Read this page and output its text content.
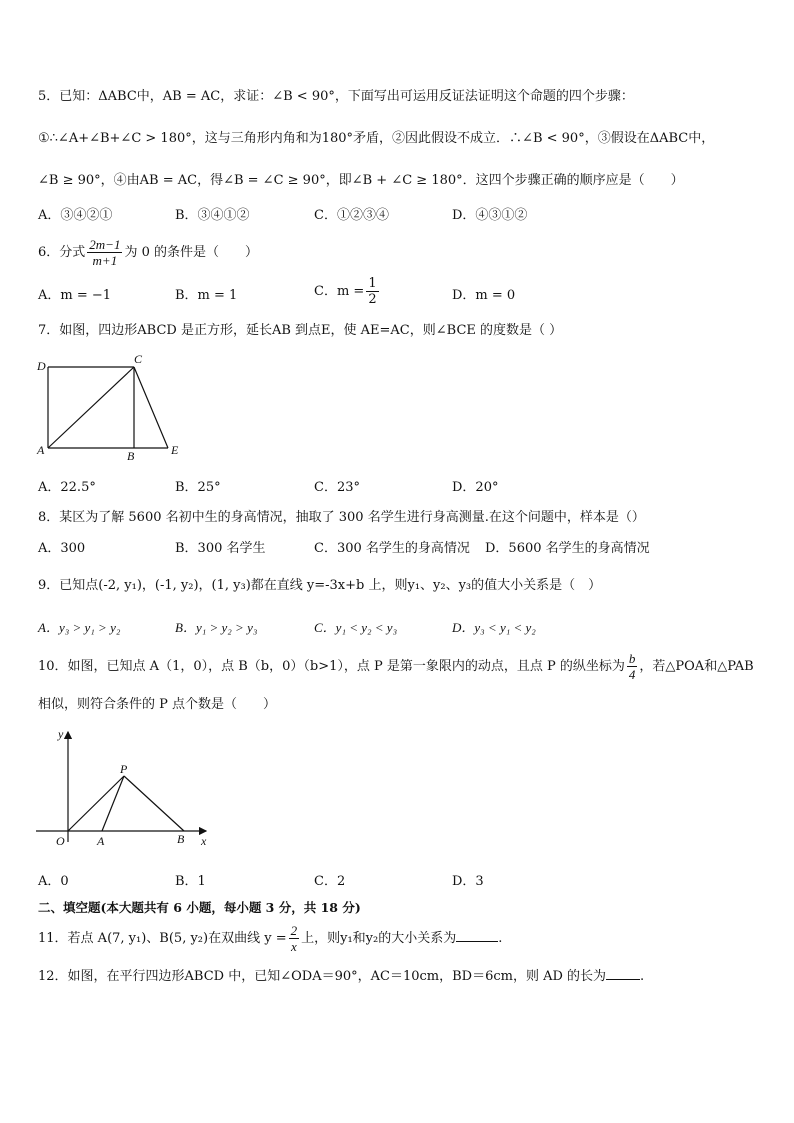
5．已知：ΔABC中，AB = AC，求证：∠B < 90°，下面写出可运用反证法证明这个命题的四个步骤：
①∴∠A+∠B+∠C > 180°，这与三角形内角和为180°矛盾，②因此假设不成立．∴∠B < 90°，③假设在ΔABC中，
∠B ≥ 90°，④由AB = AC，得∠B = ∠C ≥ 90°，即∠B + ∠C ≥ 180°．这四个步骤正确的顺序应是（　　）
A．③④②①	B．③④①②	C．①②③④	D．④③①②
6．分式 $\frac{2m-1}{m+1}$ 为 0 的条件是（　　）
A．m = −1	B．m = 1	C．$m = \frac{1}{2}$	D．m = 0
7．如图，四边形ABCD 是正方形，延长AB 到点E，使 AE=AC，则∠BCE 的度数是（ ）
D	C
A	B	E
A．22.5°	B．25°	C．23°	D．20°
8．某区为了解 5600 名初中生的身高情况，抽取了 300 名学生进行身高测量.在这个问题中，样本是（）
A．300	B．300 名学生	C．300 名学生的身高情况 D．5600 名学生的身高情况
9．已知点(-2, y₁)，(-1, y₂)，(1, y₃)都在直线 y=-3x+b 上，则y₁、y₂、y₃的值大小关系是（　）
A．y₃ > y₁ > y₂	B．y₁ > y₂ > y₃	C．y₁ < y₂ < y₃	D．y₃ < y₁ < y₂
10．如图，已知点 A（1，0），点 B（b，0）（b>1），点 P 是第一象限内的动点，且点 P 的纵坐标为 $\frac{b}{4}$ ，若△POA和△PAB
相似，则符合条件的 P 点个数是（　　）
y
P
O	A	B x
A．0	B．1	C．2	D．3
二、填空题(本大题共有 6 小题，每小题 3 分，共 18 分)
11．若点 A(7, y₁)、B(5, y₂)在双曲线 $y = \frac{2}{x}$ 上，则y₁和y₂的大小关系为	.
12．如图，在平行四边形ABCD 中，已知∠ODA＝90°，AC＝10cm，BD＝6cm，则 AD 的长为	.
